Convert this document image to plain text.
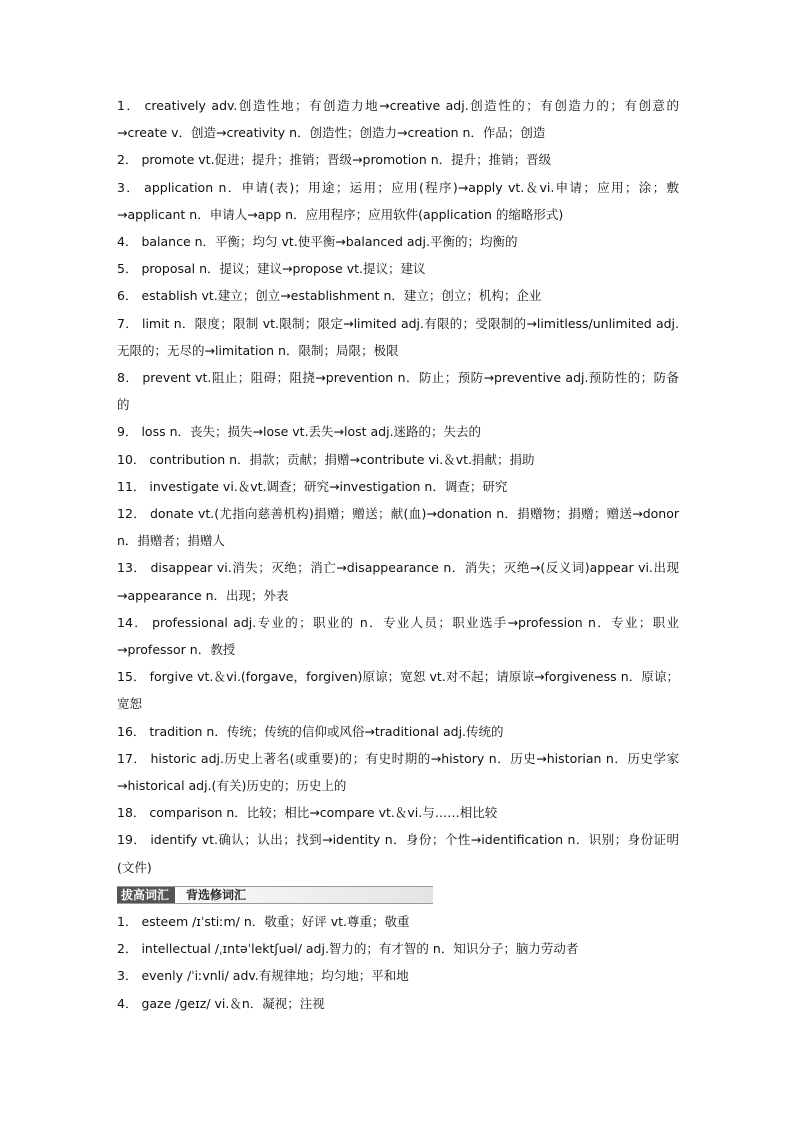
1． creatively adv.创造性地；有创造力地→creative adj.创造性的；有创造力的；有创意的→create v．创造→creativity n．创造性；创造力→creation n．作品；创造
2． promote vt.促进；提升；推销；晋级→promotion n．提升；推销；晋级
3． application n．申请(表)；用途；运用；应用(程序)→apply vt.＆vi.申请；应用；涂；敷→applicant n．申请人→app n．应用程序；应用软件(application 的缩略形式)
4． balance n．平衡；均匀 vt.使平衡→balanced adj.平衡的；均衡的
5． proposal n．提议；建议→propose vt.提议；建议
6． establish vt.建立；创立→establishment n．建立；创立；机构；企业
7． limit n．限度；限制 vt.限制；限定→limited adj.有限的；受限制的→limitless/unlimited adj.无限的；无尽的→limitation n．限制；局限；极限
8． prevent vt.阻止；阻碍；阻挠→prevention n．防止；预防→preventive adj.预防性的；防备的
9． loss n．丧失；损失→lose vt.丢失→lost adj.迷路的；失去的
10． contribution n．捐款；贡献；捐赠→contribute vi.＆vt.捐献；捐助
11． investigate vi.＆vt.调查；研究→investigation n．调查；研究
12． donate vt.(尤指向慈善机构)捐赠；赠送；献(血)→donation n．捐赠物；捐赠；赠送→donor n．捐赠者；捐赠人
13． disappear vi.消失；灭绝；消亡→disappearance n．消失；灭绝→(反义词)appear vi.出现→appearance n．出现；外表
14． professional adj.专业的；职业的 n．专业人员；职业选手→profession n．专业；职业→professor n．教授
15． forgive vt.＆vi.(forgave，forgiven)原谅；宽恕 vt.对不起；请原谅→forgiveness n．原谅；宽恕
16． tradition n．传统；传统的信仰或风俗→traditional adj.传统的
17． historic adj.历史上著名(或重要)的；有史时期的→history n．历史→historian n．历史学家→historical adj.(有关)历史的；历史上的
18． comparison n．比较；相比→compare vt.＆vi.与……相比较
19． identify vt.确认；认出；找到→identity n．身份；个性→identification n．识别；身份证明(文件)
拔高词汇	背选修词汇
1． esteem /ɪˈstiːm/ n．敬重；好评 vt.尊重；敬重
2． intellectual /ˌɪntəˈlektʃuəl/ adj.智力的；有才智的 n．知识分子；脑力劳动者
3． evenly /ˈiːvnli/ adv.有规律地；均匀地；平和地
4． gaze /ɡeɪz/ vi.＆n．凝视；注视
